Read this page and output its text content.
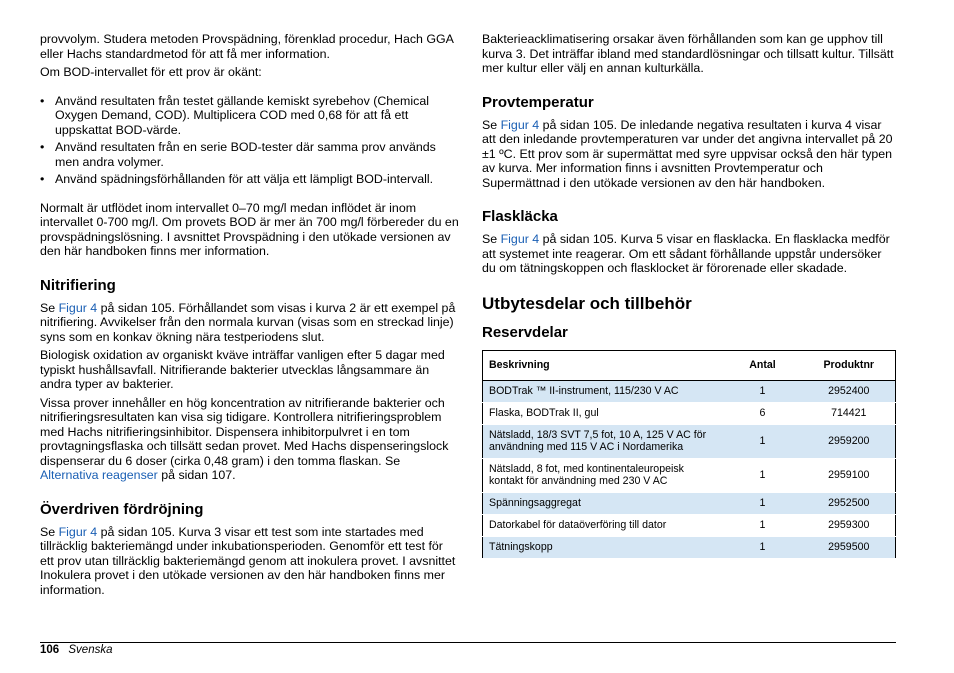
provvolym. Studera metoden Provspädning, förenklad procedur, Hach GGA eller Hachs standardmetod för att få mer information.

Om BOD-intervallet för ett prov är okänt:

• Använd resultaten från testet gällande kemiskt syrebehov (Chemical Oxygen Demand, COD). Multiplicera COD med 0,68 för att få ett uppskattat BOD-värde.
• Använd resultaten från en serie BOD-tester där samma prov används men andra volymer.
• Använd spädningsförhållanden för att välja ett lämpligt BOD-intervall.

Normalt är utflödet inom intervallet 0–70 mg/l medan inflödet är inom intervallet 0-700 mg/l. Om provets BOD är mer än 700 mg/l förbereder du en provspädningslösning. I avsnittet Provspädning i den utökade versionen av den här handboken finns mer information.

Nitrifiering

Se Figur 4 på sidan 105. Förhållandet som visas i kurva 2 är ett exempel på nitrifiering. Avvikelser från den normala kurvan (visas som en streckad linje) syns som en konkav ökning nära testperiodens slut.

Biologisk oxidation av organiskt kväve inträffar vanligen efter 5 dagar med typiskt hushållsavfall. Nitrifierande bakterier utvecklas långsammare än andra typer av bakterier.

Vissa prover innehåller en hög koncentration av nitrifierande bakterier och nitrifieringsresultaten kan visa sig tidigare. Kontrollera nitrifieringsproblem med Hachs nitrifieringsinhibitor. Dispensera inhibitorpulvret i en tom provtagningsflaska och tillsätt sedan provet. Med Hachs dispenseringslock dispenserar du 6 doser (cirka 0,48 gram) i den tomma flaskan. Se Alternativa reagenser på sidan 107.

Överdriven fördröjning

Se Figur 4 på sidan 105. Kurva 3 visar ett test som inte startades med tillräcklig bakteriemängd under inkubationsperioden. Genomför ett test för ett prov utan tillräcklig bakteriemängd genom att inokulera provet. I avsnittet Inokulera provet i den utökade versionen av den här handboken finns mer information.

Bakterieacklimatisering orsakar även förhållanden som kan ge upphov till kurva 3. Det inträffar ibland med standardlösningar och tillsatt kultur. Tillsätt mer kultur eller välj en annan kulturkälla.

Provtemperatur

Se Figur 4 på sidan 105. De inledande negativa resultaten i kurva 4 visar att den inledande provtemperaturen var under det angivna intervallet på 20 ±1 ºC. Ett prov som är supermättat med syre uppvisar också den här typen av kurva. Mer information finns i avsnitten Provtemperatur och Supermättnad i den utökade versionen av den här handboken.

Flaskläcka

Se Figur 4 på sidan 105. Kurva 5 visar en flasklacka. En flasklacka medför att systemet inte reagerar. Om ett sådant förhållande uppstår undersöker du om tätningskoppen och flasklocket är förorenade eller skadade.

Utbytesdelar och tillbehör
Reservdelar
Beskrivning	Antal	Produktnr
BODTrak ™ II-instrument, 115/230 V AC	1	2952400
Flaska, BODTrak II, gul	6	714421
Nätsladd, 18/3 SVT 7,5 fot, 10 A, 125 V AC för användning med 115 V AC i Nordamerika	1	2959200
Nätsladd, 8 fot, med kontinentaleuropeisk kontakt för användning med 230 V AC	1	2959100
Spänningsaggregat	1	2952500
Datorkabel för dataöverföring till dator	1	2959300
Tätningskopp	1	2959500
106 Svenska
